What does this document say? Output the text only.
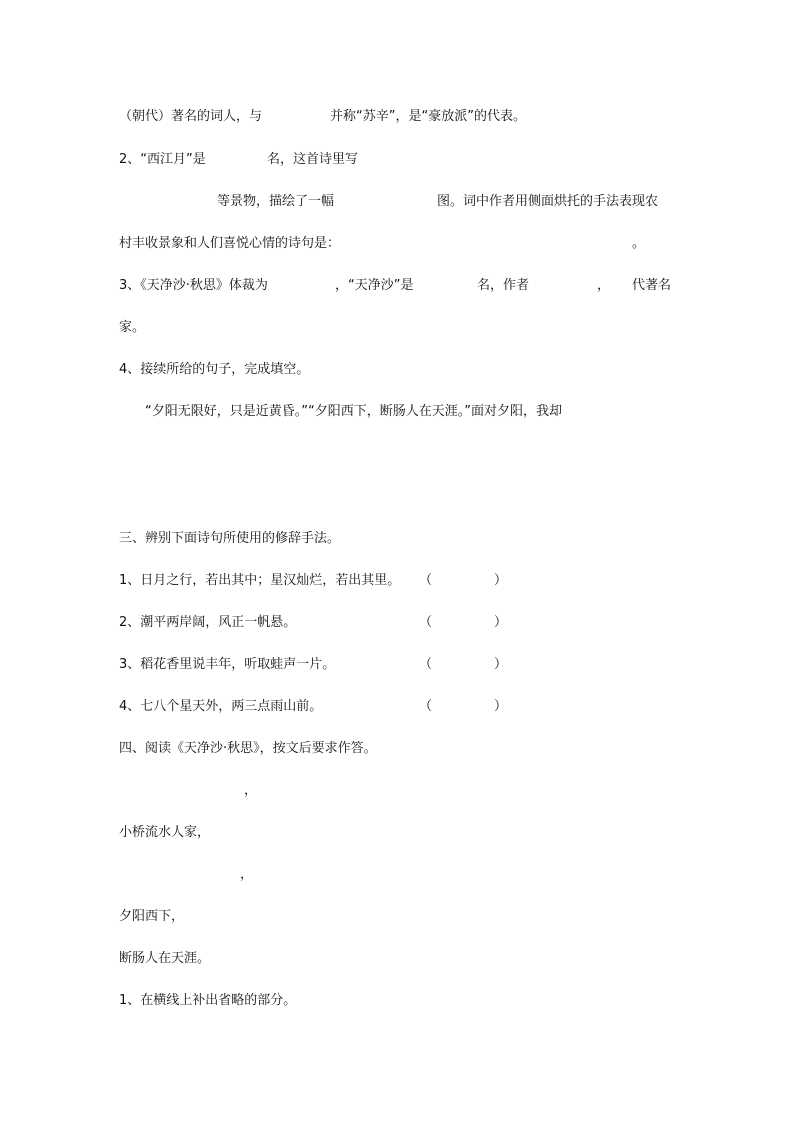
（朝代）著名的词人，与	并称“苏辛”，是“豪放派”的代表。
2、“西江月”是	名，这首诗里写
等景物，描绘了一幅	图。词中作者用侧面烘托的手法表现农
村丰收景象和人们喜悦心情的诗句是：	。
3、《天净沙·秋思》体裁为	，“天净沙”是	名，作者	， 代著名
家。
4、接续所给的句子，完成填空。
“夕阳无限好，只是近黄昏。”“夕阳西下，断肠人在天涯。”面对夕阳，我却
三、辨别下面诗句所使用的修辞手法。
1、日月之行，若出其中；星汉灿烂，若出其里。 （	）
2、潮平两岸阔，风正一帆悬。	（	）
3、稻花香里说丰年，听取蛙声一片。	（	）
4、七八个星天外，两三点雨山前。	（	）
四、阅读《天净沙·秋思》，按文后要求作答。
，
小桥流水人家，
，
夕阳西下，
断肠人在天涯。
1、在横线上补出省略的部分。
